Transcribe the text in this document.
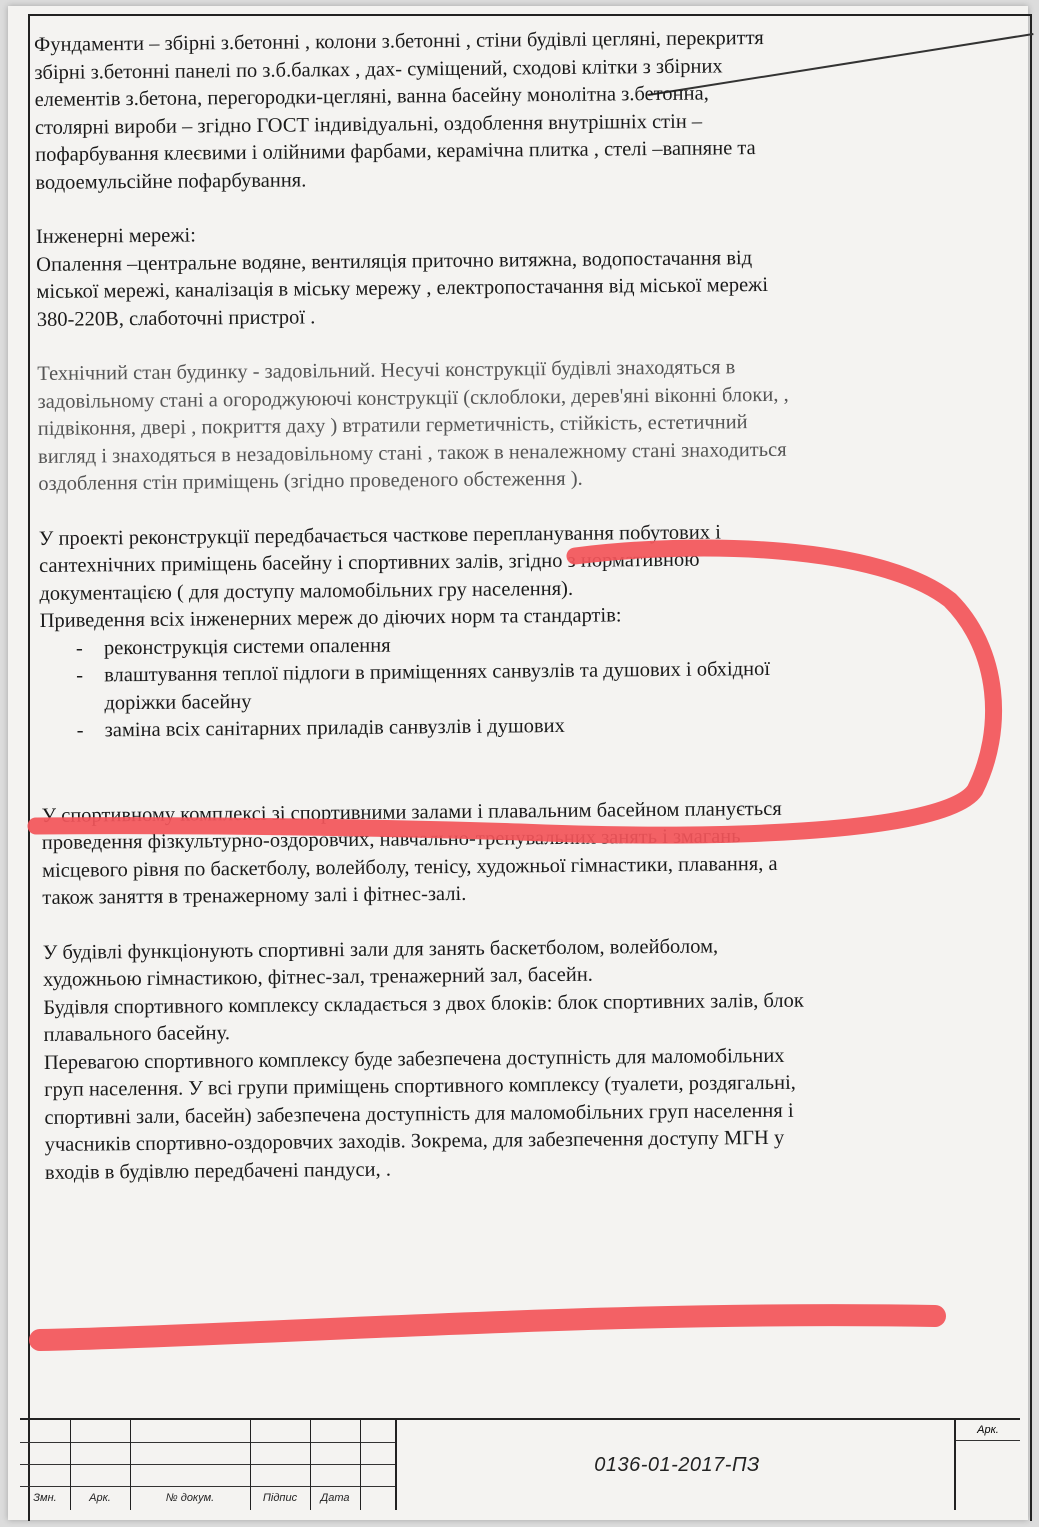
Фундаменти – збірні з.бетонні , колони з.бетонні , стіни будівлі цегляні, перекриття
збірні з.бетонні панелі по з.б.балках , дах- суміщений, сходові клітки з збірних
елементів з.бетона, перегородки-цегляні, ванна басейну монолітна з.бетонна,
столярні вироби – згідно ГОСТ індивідуальні, оздоблення внутрішніх стін –
пофарбування клеєвими і олійними фарбами, керамічна плитка , стелі –вапняне та
водоемульсійне пофарбування.
Інженерні мережі:
Опалення –центральне водяне, вентиляція приточно витяжна, водопостачання від
міської мережі, каналізація в міську мережу , електропостачання від міської мережі
380-220В, слаботочні пристрої .
Технічний стан будинку - задовільний. Несучі конструкції будівлі знаходяться в
задовільному стані а огороджуюючі конструкції (склоблоки, дерев'яні віконні блоки, ,
підвіконня, двері , покриття даху ) втратили герметичність, стійкість, естетичний
вигляд і знаходяться в незадовільному стані , також в неналежному стані знаходиться
оздоблення стін приміщень (згідно проведеного обстеження ).
У проекті реконструкції передбачається часткове перепланування побутових і
сантехнічних приміщень басейну і спортивних залів, згідно з нормативною
документацією ( для доступу маломобільних гру населення).
Приведення всіх інженерних мереж до діючих норм та стандартів:
-	реконструкція системи опалення
-	влаштування теплої підлоги в приміщеннях санвузлів та душових і обхідної
доріжки басейну
-	заміна всіх санітарних приладів санвузлів і душових
У спортивному комплексі зі спортивними залами і плавальним басейном планується
проведення фізкультурно-оздоровчих, навчально-тренувальних занять і змагань
місцевого рівня по баскетболу, волейболу, тенісу, художньої гімнастики, плавання, а
також заняття в тренажерному залі і фітнес-залі.
У будівлі функціонують спортивні зали для занять баскетболом, волейболом,
художньою гімнастикою, фітнес-зал, тренажерний зал, басейн.
Будівля спортивного комплексу складається з двох блоків: блок спортивних залів, блок
плавального басейну.
Перевагою спортивного комплексу буде забезпечена доступність для маломобільних
груп населення. У всі групи приміщень спортивного комплексу (туалети, роздягальні,
спортивні зали, басейн) забезпечена доступність для маломобільних груп населення і
учасників спортивно-оздоровчих заходів. Зокрема, для забезпечення доступу МГН у
входів в будівлю передбачені пандуси, .
Змн.	Арк.	№ докум.	Підпис	Дата
0136-01-2017-ПЗ
Арк.
